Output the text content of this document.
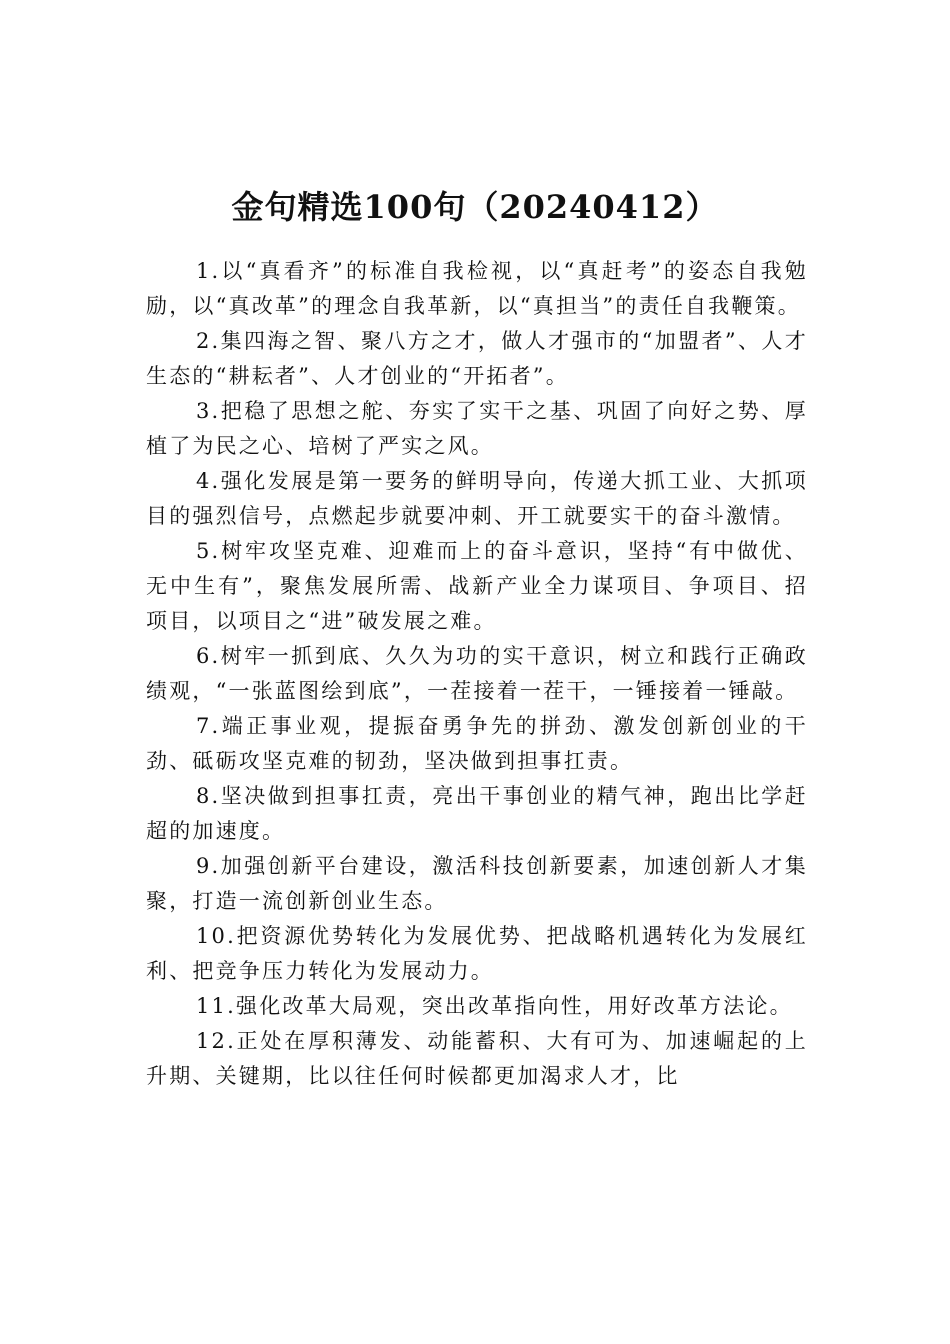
金句精选100句（20240412）

1.以“真看齐”的标准自我检视，以“真赶考”的姿态自我勉励，以“真改革”的理念自我革新，以“真担当”的责任自我鞭策。

2.集四海之智、聚八方之才，做人才强市的“加盟者”、人才生态的“耕耘者”、人才创业的“开拓者”。

3.把稳了思想之舵、夯实了实干之基、巩固了向好之势、厚植了为民之心、培树了严实之风。

4.强化发展是第一要务的鲜明导向，传递大抓工业、大抓项目的强烈信号，点燃起步就要冲刺、开工就要实干的奋斗激情。

5.树牢攻坚克难、迎难而上的奋斗意识，坚持“有中做优、无中生有”，聚焦发展所需、战新产业全力谋项目、争项目、招项目，以项目之“进”破发展之难。

6.树牢一抓到底、久久为功的实干意识，树立和践行正确政绩观，“一张蓝图绘到底”，一茬接着一茬干，一锤接着一锤敲。

7.端正事业观，提振奋勇争先的拼劲、激发创新创业的干劲、砥砺攻坚克难的韧劲，坚决做到担事扛责。

8.坚决做到担事扛责，亮出干事创业的精气神，跑出比学赶超的加速度。

9.加强创新平台建设，激活科技创新要素，加速创新人才集聚，打造一流创新创业生态。

10.把资源优势转化为发展优势、把战略机遇转化为发展红利、把竞争压力转化为发展动力。

11.强化改革大局观，突出改革指向性，用好改革方法论。

12.正处在厚积薄发、动能蓄积、大有可为、加速崛起的上升期、关键期，比以往任何时候都更加渴求人才，比
